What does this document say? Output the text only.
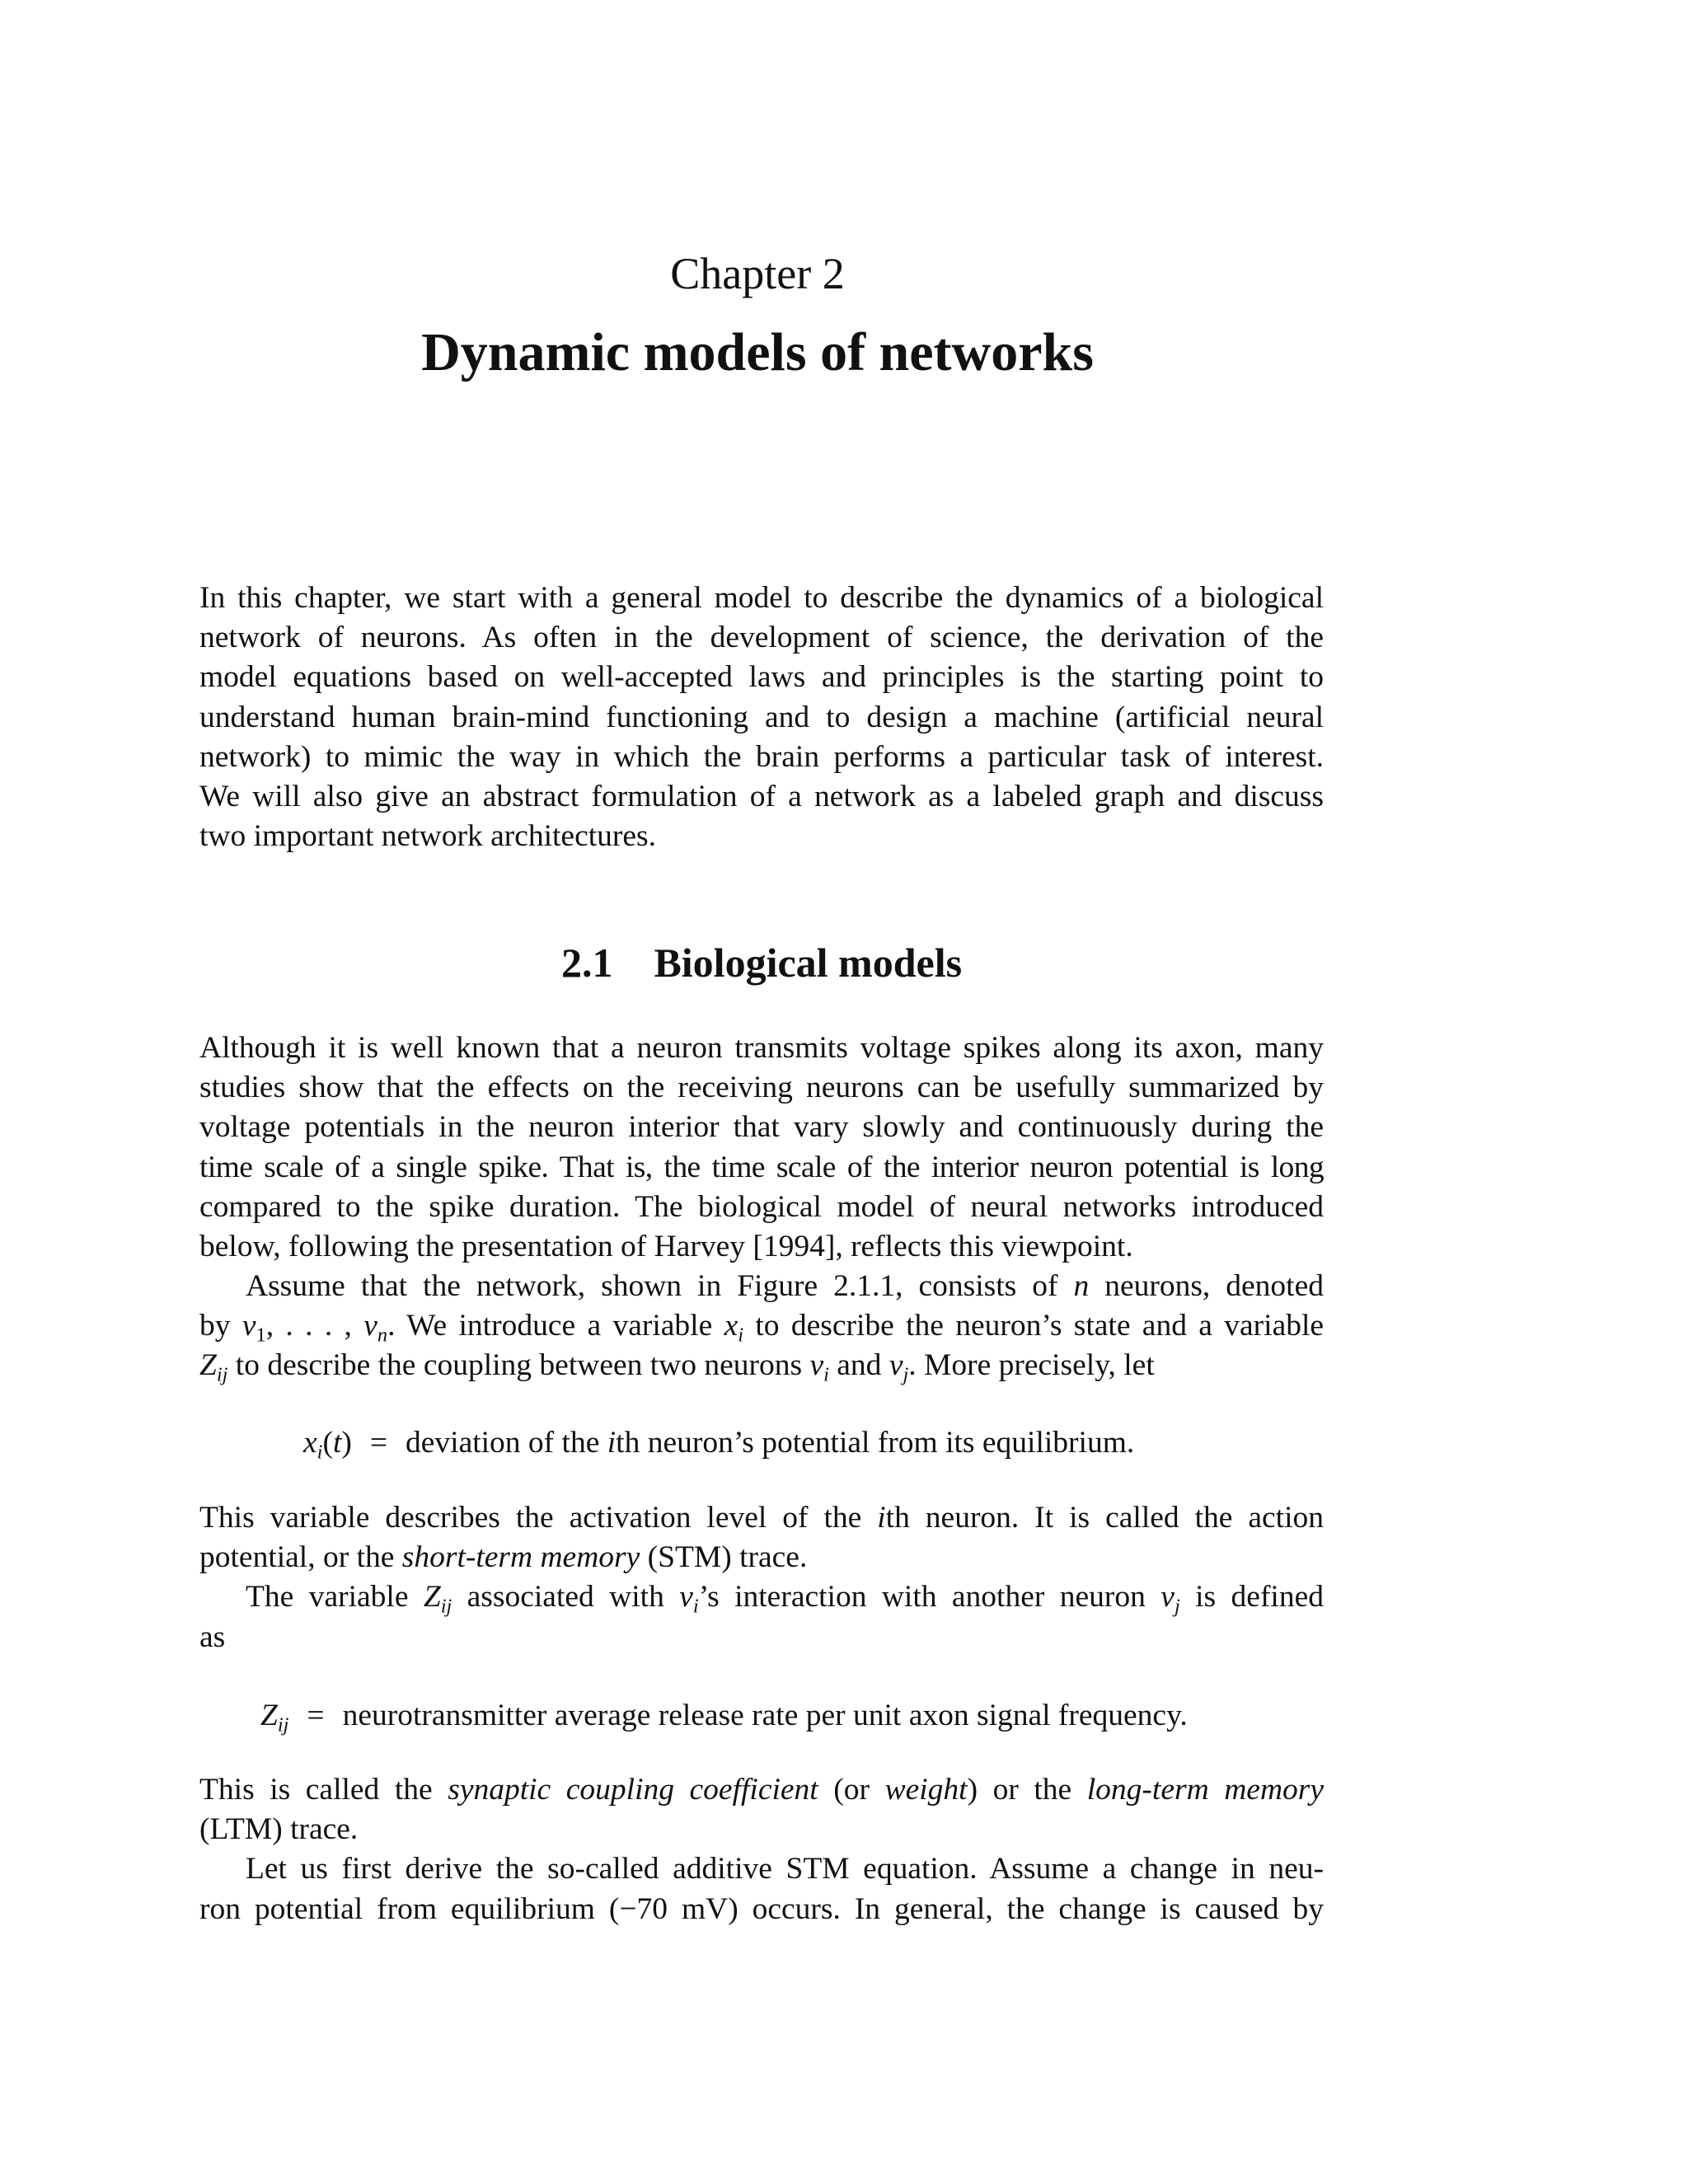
Chapter 2
Dynamic models of networks
In this chapter, we start with a general model to describe the dynamics of a biological
network of neurons. As often in the development of science, the derivation of the
model equations based on well-accepted laws and principles is the starting point to
understand human brain-mind functioning and to design a machine (artificial neural
network) to mimic the way in which the brain performs a particular task of interest.
We will also give an abstract formulation of a network as a labeled graph and discuss
two important network architectures.
2.1 Biological models
Although it is well known that a neuron transmits voltage spikes along its axon, many
studies show that the effects on the receiving neurons can be usefully summarized by
voltage potentials in the neuron interior that vary slowly and continuously during the
time scale of a single spike. That is, the time scale of the interior neuron potential is long
compared to the spike duration. The biological model of neural networks introduced
below, following the presentation of Harvey [1994], reflects this viewpoint.
Assume that the network, shown in Figure 2.1.1, consists of n neurons, denoted
by $\nu_1$, . . . , $\nu_n$. We introduce a variable $x_i$ to describe the neuron’s state and a variable
$Z_{ij}$ to describe the coupling between two neurons $\nu_i$ and $\nu_j$. More precisely, let
$x_i(t)$ = deviation of the ith neuron’s potential from its equilibrium.
This variable describes the activation level of the ith neuron. It is called the action
potential, or the short-term memory (STM) trace.
The variable $Z_{ij}$ associated with $\nu_i’s$ interaction with another neuron $\nu_j$ is defined
as
$Z_{ij}$ = neurotransmitter average release rate per unit axon signal frequency.
This is called the synaptic coupling coefficient (or weight) or the long-term memory
(LTM) trace.
Let us first derive the so-called additive STM equation. Assume a change in neu-
ron potential from equilibrium (−70 mV) occurs. In general, the change is caused by
